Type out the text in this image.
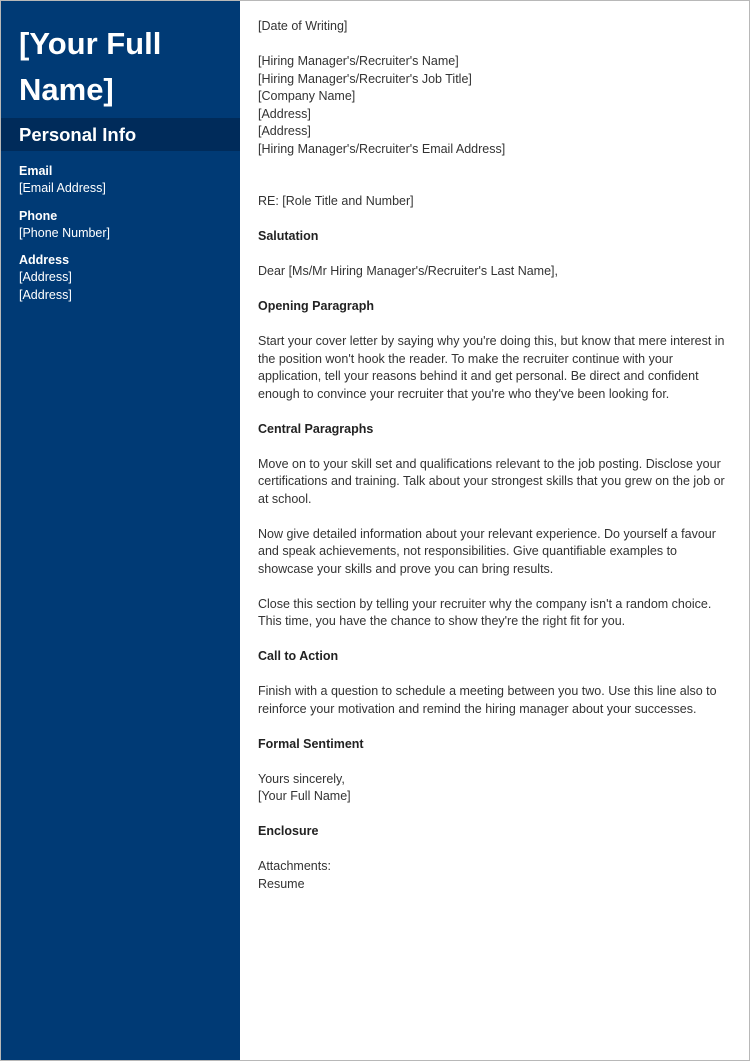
[Your Full Name]
Personal Info
Email
[Email Address]
Phone
[Phone Number]
Address
[Address]
[Address]

[Date of Writing]

[Hiring Manager's/Recruiter's Name]

[Hiring Manager's/Recruiter's Job Title]

[Company Name]

[Address]

[Address]

[Hiring Manager's/Recruiter's Email Address]

RE: [Role Title and Number]

Salutation

Dear [Ms/Mr Hiring Manager's/Recruiter's Last Name],

Opening Paragraph

Start your cover letter by saying why you're doing this, but know that mere interest in the position won't hook the reader. To make the recruiter continue with your application, tell your reasons behind it and get personal. Be direct and confident enough to convince your recruiter that you're who they've been looking for.

Central Paragraphs

Move on to your skill set and qualifications relevant to the job posting. Disclose your certifications and training. Talk about your strongest skills that you grew on the job or at school.

Now give detailed information about your relevant experience. Do yourself a favour and speak achievements, not responsibilities. Give quantifiable examples to showcase your skills and prove you can bring results.

Close this section by telling your recruiter why the company isn't a random choice. This time, you have the chance to show they're the right fit for you.

Call to Action

Finish with a question to schedule a meeting between you two. Use this line also to reinforce your motivation and remind the hiring manager about your successes.

Formal Sentiment

Yours sincerely,

[Your Full Name]

Enclosure

Attachments:

Resume
